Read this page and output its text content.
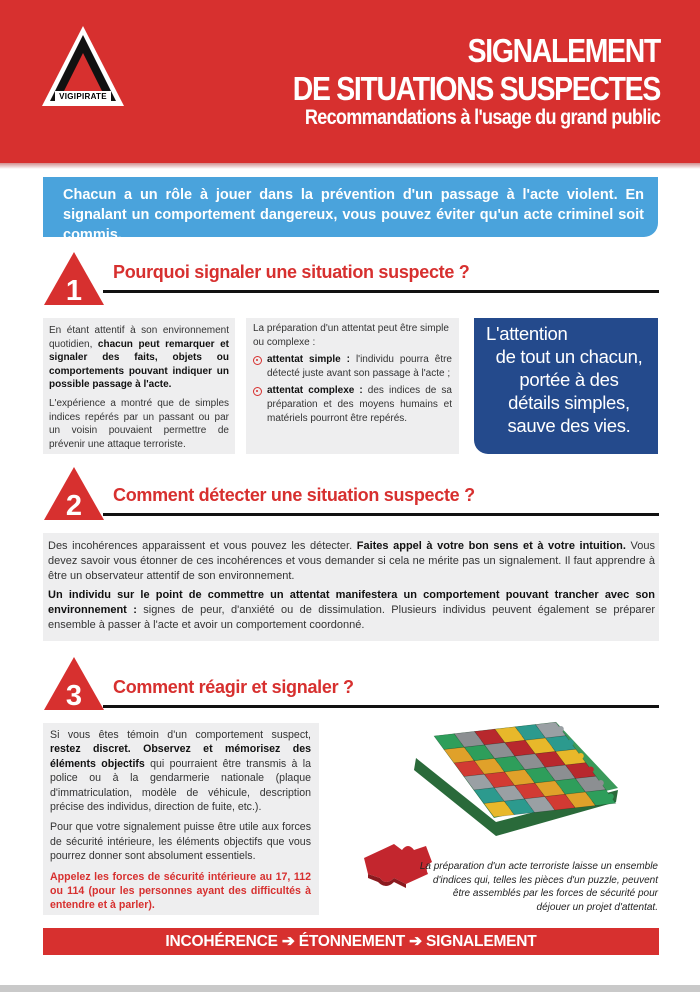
VIGIPIRATE
SIGNALEMENT
DE SITUATIONS SUSPECTES
Recommandations à l'usage du grand public
Chacun a un rôle à jouer dans la prévention d'un passage à l'acte violent. En signalant un comportement dangereux, vous pouvez éviter qu'un acte criminel soit commis.
1
Pourquoi signaler une situation suspecte ?

En étant attentif à son environnement quotidien, chacun peut remarquer et signaler des faits, objets ou comportements pouvant indiquer un possible passage à l'acte.

L'expérience a montré que de simples indices repérés par un passant ou par un voisin pouvaient permettre de prévenir une attaque terroriste.

La préparation d'un attentat peut être simple ou complexe :
attentat simple : l'individu pourra être détecté juste avant son passage à l'acte ;
attentat complexe : des indices de sa préparation et des moyens humains et matériels pourront être repérés.
L'attention
de tout un chacun,
portée à des
détails simples,
sauve des vies.
2 Comment détecter une situation suspecte ?

Des incohérences apparaissent et vous pouvez les détecter. Faites appel à votre bon sens et à votre intuition. Vous devez savoir vous étonner de ces incohérences et vous demander si cela ne mérite pas un signalement. Il faut apprendre à être un observateur attentif de son environnement.

Un individu sur le point de commettre un attentat manifestera un comportement pouvant trancher avec son environnement : signes de peur, d'anxiété ou de dissimulation. Plusieurs individus peuvent également se préparer ensemble à passer à l'acte et avoir un comportement coordonné.

3 Comment réagir et signaler ?

Si vous êtes témoin d'un comportement suspect, restez discret. Observez et mémorisez des éléments objectifs qui pourraient être transmis à la police ou à la gendarmerie nationale (plaque d'immatriculation, modèle de véhicule, description précise des individus, direction de fuite, etc.).

Pour que votre signalement puisse être utile aux forces de sécurité intérieure, les éléments objectifs que vous pourrez donner sont absolument essentiels.

Appelez les forces de sécurité intérieure au 17, 112 ou 114 (pour les personnes ayant des difficultés à entendre et à parler).

La préparation d'un acte terroriste laisse un ensemble d'indices qui, telles les pièces d'un puzzle, peuvent être assemblés par les forces de sécurité pour déjouer un projet d'attentat.
INCOHÉRENCE ➔ ÉTONNEMENT ➔ SIGNALEMENT
